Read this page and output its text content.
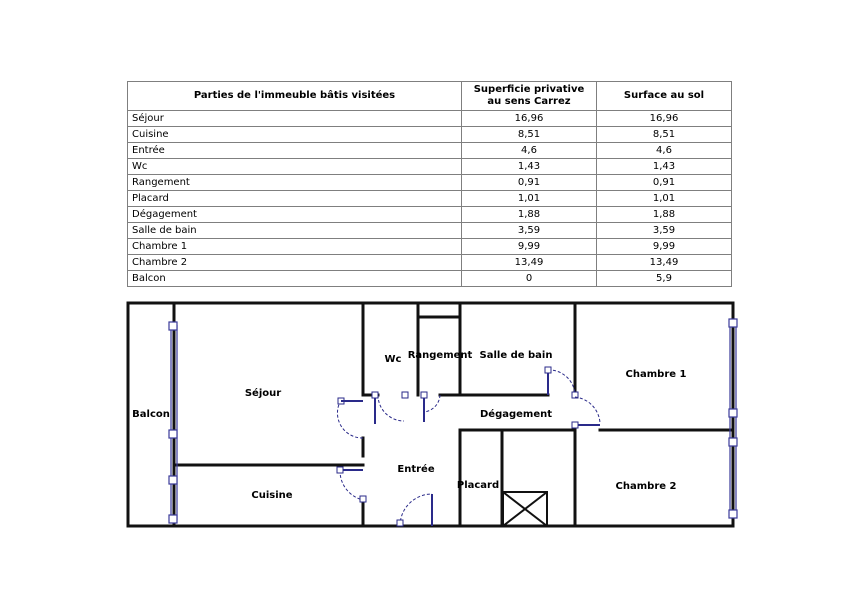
Parties de l'immeuble bâtis visitées	Superficie privative au sens Carrez	Surface au sol
Séjour	16,96	16,96
Cuisine	8,51	8,51
Entrée	4,6	4,6
Wc	1,43	1,43
Rangement	0,91	0,91
Placard	1,01	1,01
Dégagement	1,88	1,88
Salle de bain	3,59	3,59
Chambre 1	9,99	9,99
Chambre 2	13,49	13,49
Balcon	0	5,9
Balcon
Séjour
Cuisine
Wc Rangement Salle de bain
Dégagement
Entrée
Placard
Chambre 1
Chambre 2
